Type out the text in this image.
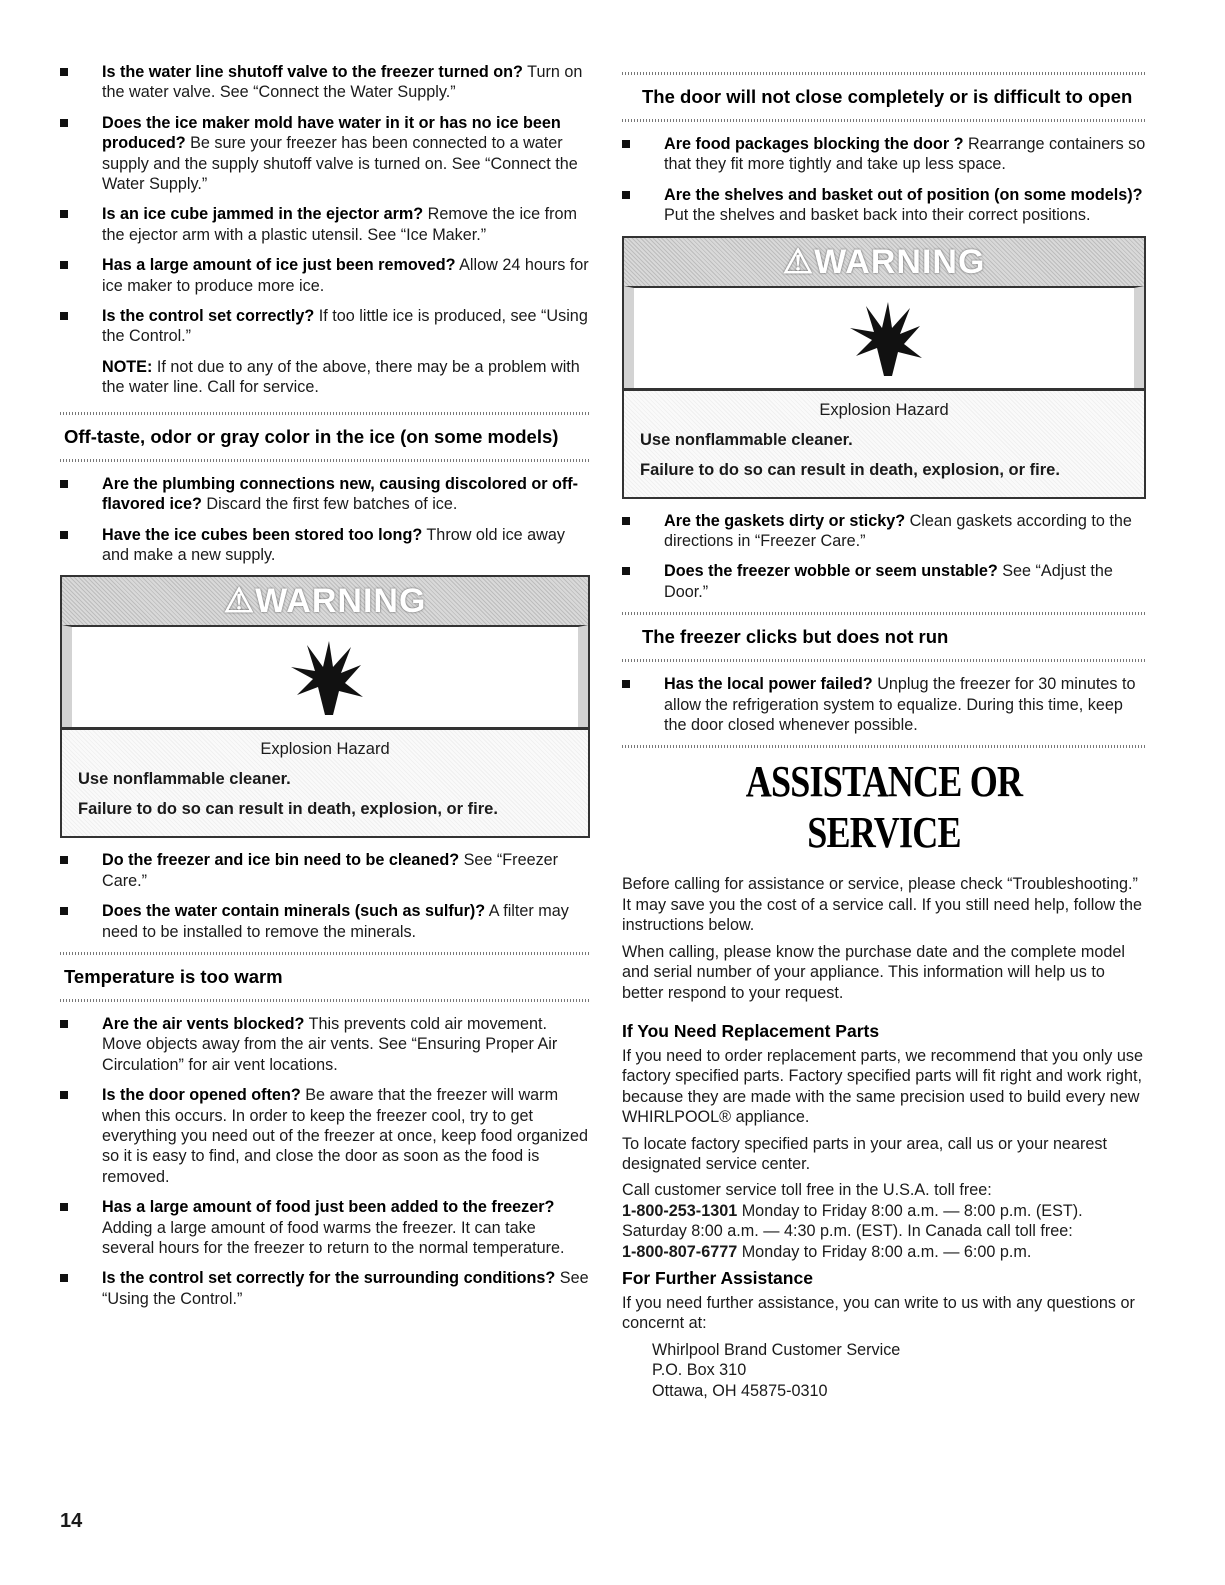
Is the water line shutoff valve to the freezer turned on? Turn on the water valve. See “Connect the Water Supply.”
Does the ice maker mold have water in it or has no ice been produced? Be sure your freezer has been connected to a water supply and the supply shutoff valve is turned on. See “Connect the Water Supply.”
Is an ice cube jammed in the ejector arm? Remove the ice from the ejector arm with a plastic utensil. See “Ice Maker.”
Has a large amount of ice just been removed? Allow 24 hours for ice maker to produce more ice.
Is the control set correctly? If too little ice is produced, see “Using the Control.”
NOTE: If not due to any of the above, there may be a problem with the water line. Call for service.
Off-taste, odor or gray color in the ice (on some models)
Are the plumbing connections new, causing discolored or off-flavored ice? Discard the first few batches of ice.
Have the ice cubes been stored too long? Throw old ice away and make a new supply.
⚠WARNING
Explosion Hazard
Use nonflammable cleaner.
Failure to do so can result in death, explosion, or fire.
Do the freezer and ice bin need to be cleaned? See “Freezer Care.”
Does the water contain minerals (such as sulfur)? A filter may need to be installed to remove the minerals.
Temperature is too warm
Are the air vents blocked? This prevents cold air movement. Move objects away from the air vents. See “Ensuring Proper Air Circulation” for air vent locations.
Is the door opened often? Be aware that the freezer will warm when this occurs. In order to keep the freezer cool, try to get everything you need out of the freezer at once, keep food organized so it is easy to find, and close the door as soon as the food is removed.
Has a large amount of food just been added to the freezer? Adding a large amount of food warms the freezer. It can take several hours for the freezer to return to the normal temperature.
Is the control set correctly for the surrounding conditions? See “Using the Control.”
The door will not close completely or is difficult to open
Are food packages blocking the door ? Rearrange containers so that they fit more tightly and take up less space.
Are the shelves and basket out of position (on some models)? Put the shelves and basket back into their correct positions.
⚠WARNING
Explosion Hazard
Use nonflammable cleaner.
Failure to do so can result in death, explosion, or fire.
Are the gaskets dirty or sticky? Clean gaskets according to the directions in “Freezer Care.”
Does the freezer wobble or seem unstable? See “Adjust the Door.”
The freezer clicks but does not run
Has the local power failed? Unplug the freezer for 30 minutes to allow the refrigeration system to equalize. During this time, keep the door closed whenever possible.
ASSISTANCE OR SERVICE

Before calling for assistance or service, please check “Troubleshooting.” It may save you the cost of a service call. If you still need help, follow the instructions below.

When calling, please know the purchase date and the complete model and serial number of your appliance. This information will help us to better respond to your request.

If You Need Replacement Parts

If you need to order replacement parts, we recommend that you only use factory specified parts. Factory specified parts will fit right and work right, because they are made with the same precision used to build every new WHIRLPOOL® appliance.

To locate factory specified parts in your area, call us or your nearest designated service center.

Call customer service toll free in the U.S.A. toll free:
1-800-253-1301 Monday to Friday 8:00 a.m. — 8:00 p.m. (EST). Saturday 8:00 a.m. — 4:30 p.m. (EST). In Canada call toll free:
1-800-807-6777 Monday to Friday 8:00 a.m. — 6:00 p.m.

For Further Assistance

If you need further assistance, you can write to us with any questions or concernt at:

Whirlpool Brand Customer Service
P.O. Box 310
Ottawa, OH 45875-0310
14
